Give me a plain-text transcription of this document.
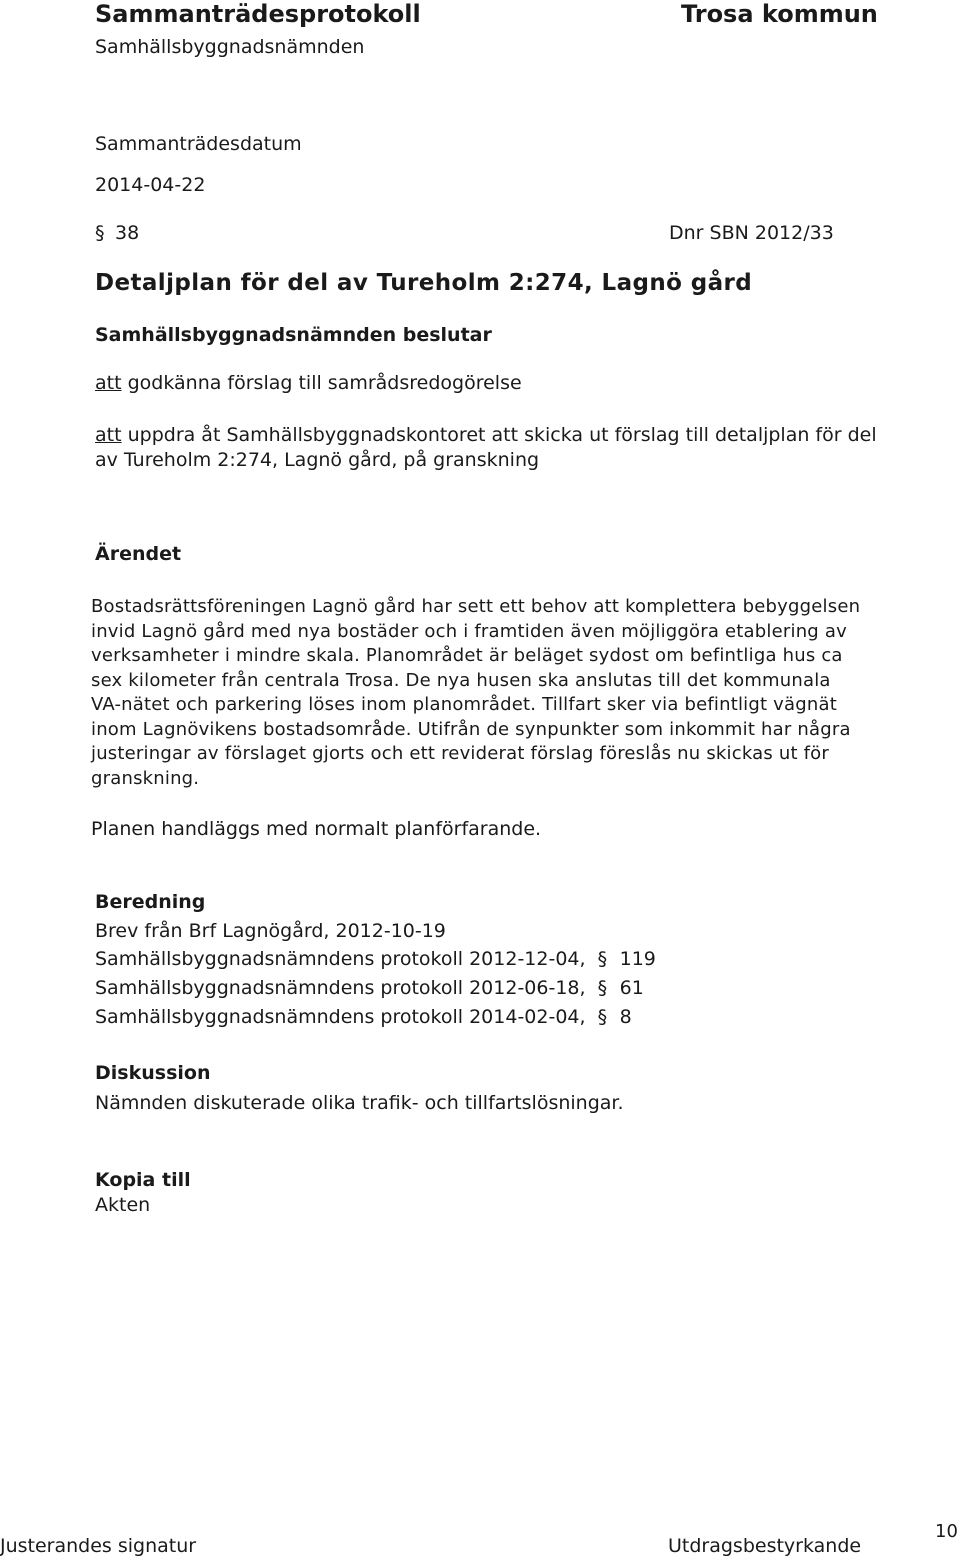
Sammanträdesprotokoll	Trosa kommun
Samhällsbyggnadsnämnden
Sammanträdesdatum
2014-04-22
§ 38	Dnr SBN 2012/33
Detaljplan för del av Tureholm 2:274, Lagnö gård
Samhällsbyggnadsnämnden beslutar
att godkänna förslag till samrådsredogörelse
att uppdra åt Samhällsbyggnadskontoret att skicka ut förslag till detaljplan för del
av Tureholm 2:274, Lagnö gård, på granskning
Ärendet
Bostadsrättsföreningen Lagnö gård har sett ett behov att komplettera bebyggelsen
invid Lagnö gård med nya bostäder och i framtiden även möjliggöra etablering av
verksamheter i mindre skala. Planområdet är beläget sydost om befintliga hus ca
sex kilometer från centrala Trosa. De nya husen ska anslutas till det kommunala
VA-nätet och parkering löses inom planområdet. Tillfart sker via befintligt vägnät
inom Lagnövikens bostadsområde. Utifrån de synpunkter som inkommit har några
justeringar av förslaget gjorts och ett reviderat förslag föreslås nu skickas ut för
granskning.
Planen handläggs med normalt planförfarande.
Beredning
Brev från Brf Lagnögård, 2012-10-19
Samhällsbyggnadsnämndens protokoll 2012-12-04, § 119
Samhällsbyggnadsnämndens protokoll 2012-06-18, § 61
Samhällsbyggnadsnämndens protokoll 2014-02-04, § 8
Diskussion
Nämnden diskuterade olika trafik- och tillfartslösningar.
Kopia till
Akten
Justerandes signatur	Utdragsbestyrkande
10
